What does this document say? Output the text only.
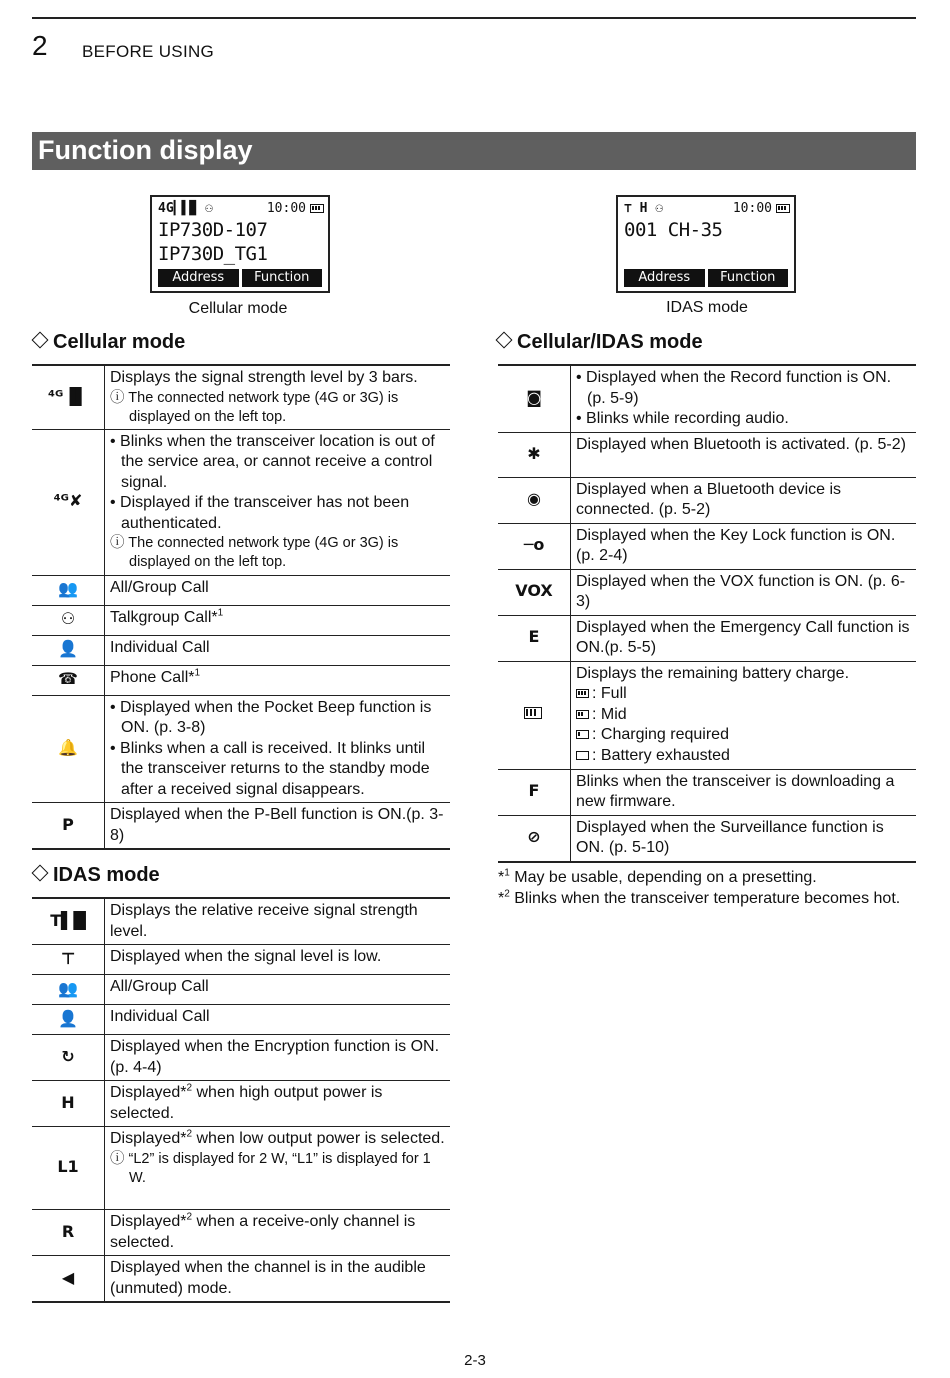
2 BEFORE USING
Function display
4G▎▌▉ ⚇	10:00
IP730D-107
IP730D_TG1
Address	Function
Cellular mode
⊤ H ⚇	10:00
001 CH-35
Address	Function
IDAS mode
Cellular mode	Cellular/IDAS mode
IDAS mode
⁴ᴳ▐▌	Displays the signal strength level by 3 bars.
ⓘ The connected network type (4G or 3G) is displayed on the left top.

⁴ᴳ✘	• Blinks when the transceiver location is out of the service area, or cannot receive a control signal.
• Displayed if the transceiver has not been authenticated.
ⓘ The connected network type (4G or 3G) is displayed on the left top.

👥	All/Group Call

⚇	Talkgroup Call*$^1$

👤	Individual Call

☎	Phone Call*$^1$

🔔	• Displayed when the Pocket Beep function is ON. (p. 3-8)
• Blinks when a call is received. It blinks until the transceiver returns to the standby mode after a received signal disappears.

P	Displayed when the P-Bell function is ON.(p. 3-8)
T▌█	Displays the relative receive signal strength level.

⊤	Displayed when the signal level is low.

👥	All/Group Call

👤	Individual Call

↻	Displayed when the Encryption function is ON. (p. 4-4)

H	Displayed*$^2$ when high output power is selected.

L1	Displayed*$^2$ when low output power is selected.
ⓘ “L2” is displayed for 2 W, “L1” is displayed for 1 W.

R	Displayed*$^2$ when a receive-only channel is selected.

◀	Displayed when the channel is in the audible (unmuted) mode.
◙	• Displayed when the Record function is ON. (p. 5-9)
• Blinks while recording audio.

✱	Displayed when Bluetooth is activated. (p. 5-2)

◉	Displayed when a Bluetooth device is connected. (p. 5-2)

─o	Displayed when the Key Lock function is ON. (p. 2-4)

VOX	Displayed when the VOX function is ON. (p. 6-3)

E	Displayed when the Emergency Call function is ON.(p. 5-5)

	Displays the remaining battery charge.
: Full
: Mid
: Charging required
: Battery exhausted

F	Blinks when the transceiver is downloading a new firmware.

⊘	Displayed when the Surveillance function is ON. (p. 5-10)
*$^1$ May be usable, depending on a presetting.
*$^2$ Blinks when the transceiver temperature becomes hot.
2-3
